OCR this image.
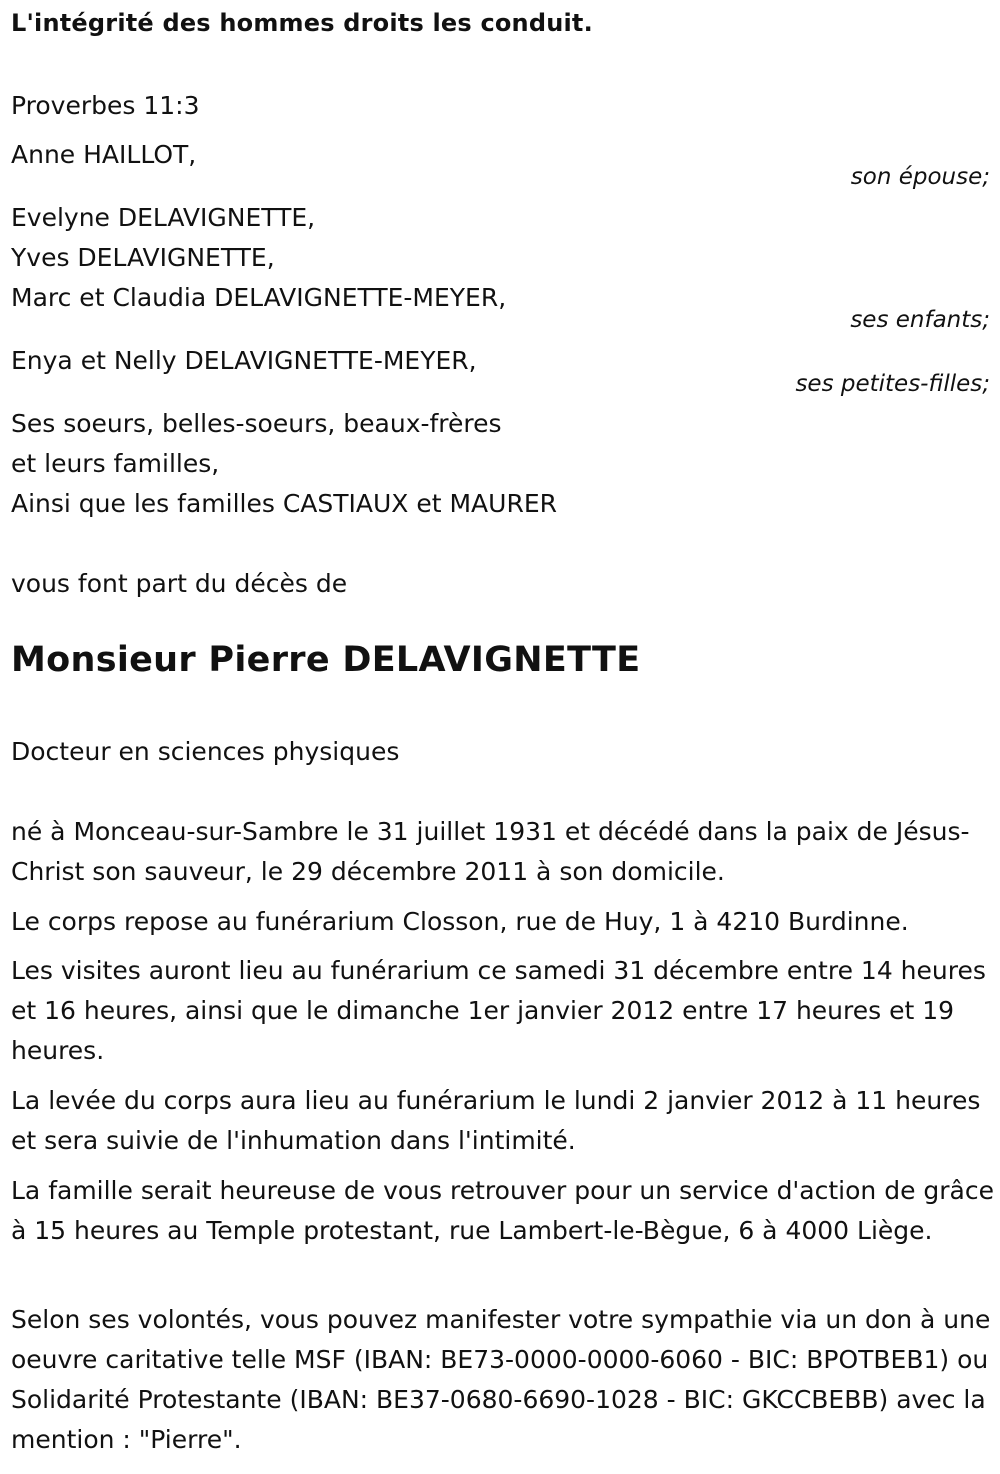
L'intégrité des hommes droits les conduit.
Proverbes 11:3
Anne HAILLOT,
son épouse;
Evelyne DELAVIGNETTE,
Yves DELAVIGNETTE,
Marc et Claudia DELAVIGNETTE-MEYER,
ses enfants;
Enya et Nelly DELAVIGNETTE-MEYER,
ses petites-filles;
Ses soeurs, belles-soeurs, beaux-frères
et leurs familles,
Ainsi que les familles CASTIAUX et MAURER
vous font part du décès de
Monsieur Pierre DELAVIGNETTE
Docteur en sciences physiques
né à Monceau-sur-Sambre le 31 juillet 1931 et décédé dans la paix de Jésus-Christ son sauveur, le 29 décembre 2011 à son domicile.
Le corps repose au funérarium Closson, rue de Huy, 1 à 4210 Burdinne.
Les visites auront lieu au funérarium ce samedi 31 décembre entre 14 heures et 16 heures, ainsi que le dimanche 1er janvier 2012 entre 17 heures et 19 heures.
La levée du corps aura lieu au funérarium le lundi 2 janvier 2012 à 11 heures et sera suivie de l'inhumation dans l'intimité.
La famille serait heureuse de vous retrouver pour un service d'action de grâce à 15 heures au Temple protestant, rue Lambert-le-Bègue, 6 à 4000 Liège.
Selon ses volontés, vous pouvez manifester votre sympathie via un don à une oeuvre caritative telle MSF (IBAN: BE73-0000-0000-6060 - BIC: BPOTBEB1) ou Solidarité Protestante (IBAN: BE37-0680-6690-1028 - BIC: GKCCBEBB) avec la mention : "Pierre".
